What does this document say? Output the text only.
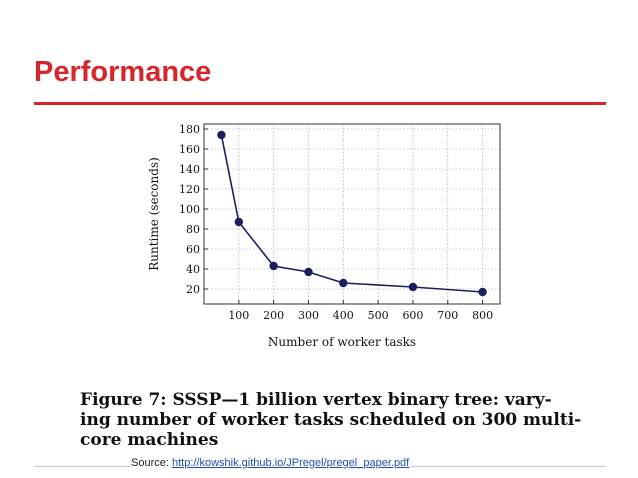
Performance
20
40
60
80
100
120
140
160
180
100 200 300 400 500 600 700 800
Runtime (seconds)
Number of worker tasks
Figure 7: SSSP—1 billion vertex binary tree: vary-
ing number of worker tasks scheduled on 300 multi-
core machines
Source: http://kowshik.github.io/JPregel/pregel_paper.pdf
